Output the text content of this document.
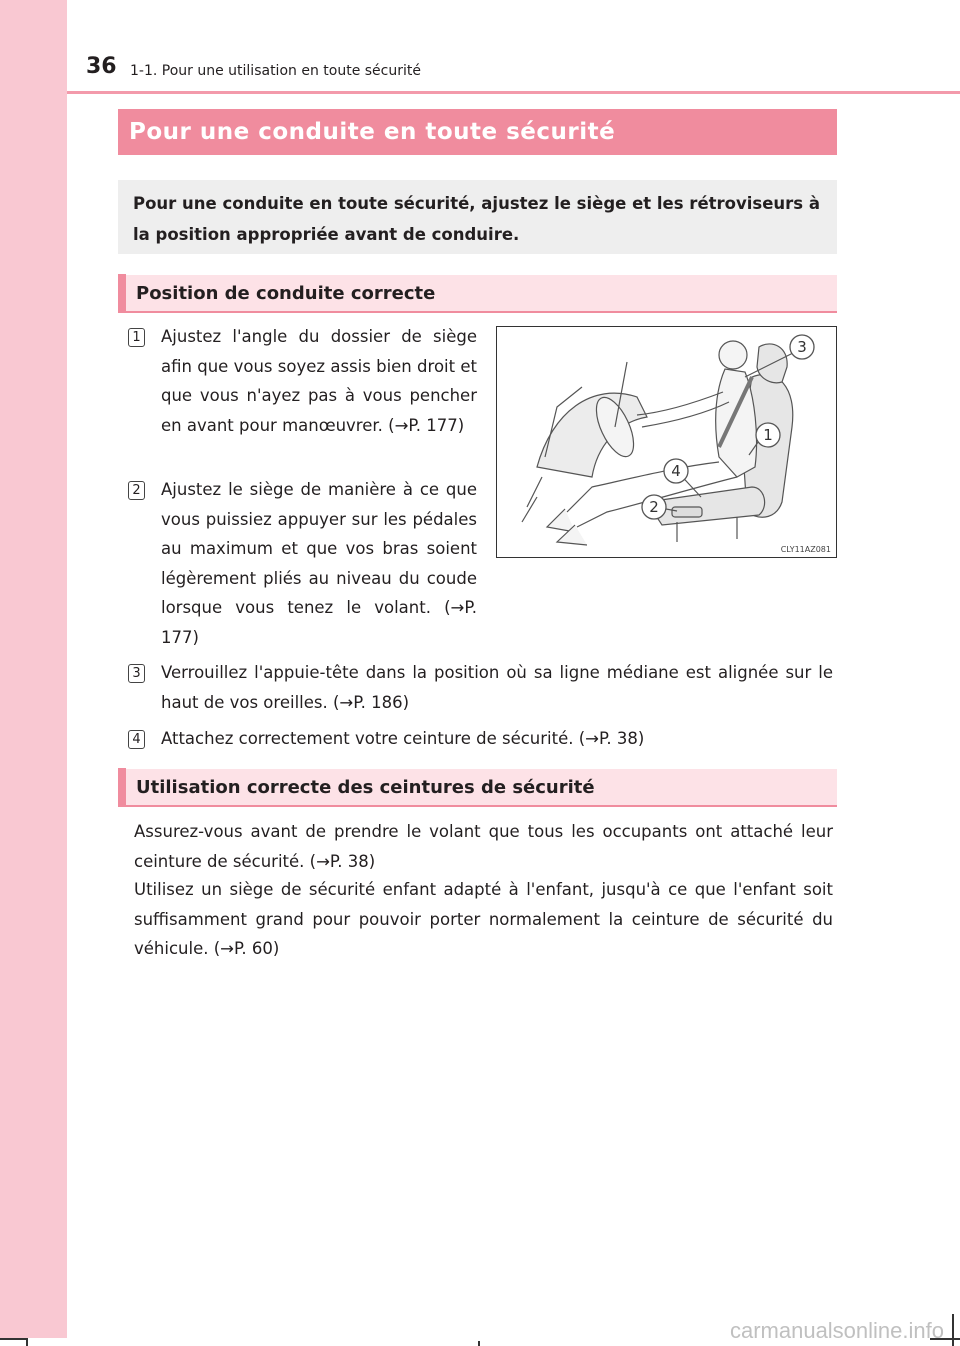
36 1-1. Pour une utilisation en toute sécurité
Pour une conduite en toute sécurité
Pour une conduite en toute sécurité, ajustez le siège et les rétroviseurs à la position appropriée avant de conduire.
Position de conduite correcte
1 Ajustez l'angle du dossier de siège afin que vous soyez assis bien droit et que vous n'ayez pas à vous pencher en avant pour manœuvrer. (→P. 177)
2 Ajustez le siège de manière à ce que vous puissiez appuyer sur les pédales au maximum et que vos bras soient légèrement pliés au niveau du coude lorsque vous tenez le volant. (→P. 177)
3
1
4
2
CLY11AZ081
3 Verrouillez l'appuie-tête dans la position où sa ligne médiane est alignée sur le haut de vos oreilles. (→P. 186)
4 Attachez correctement votre ceinture de sécurité. (→P. 38)
Utilisation correcte des ceintures de sécurité
Assurez-vous avant de prendre le volant que tous les occupants ont attaché leur ceinture de sécurité. (→P. 38)
Utilisez un siège de sécurité enfant adapté à l'enfant, jusqu'à ce que l'enfant soit suffisamment grand pour pouvoir porter normalement la ceinture de sécurité du véhicule. (→P. 60)
carmanualsonline.info
